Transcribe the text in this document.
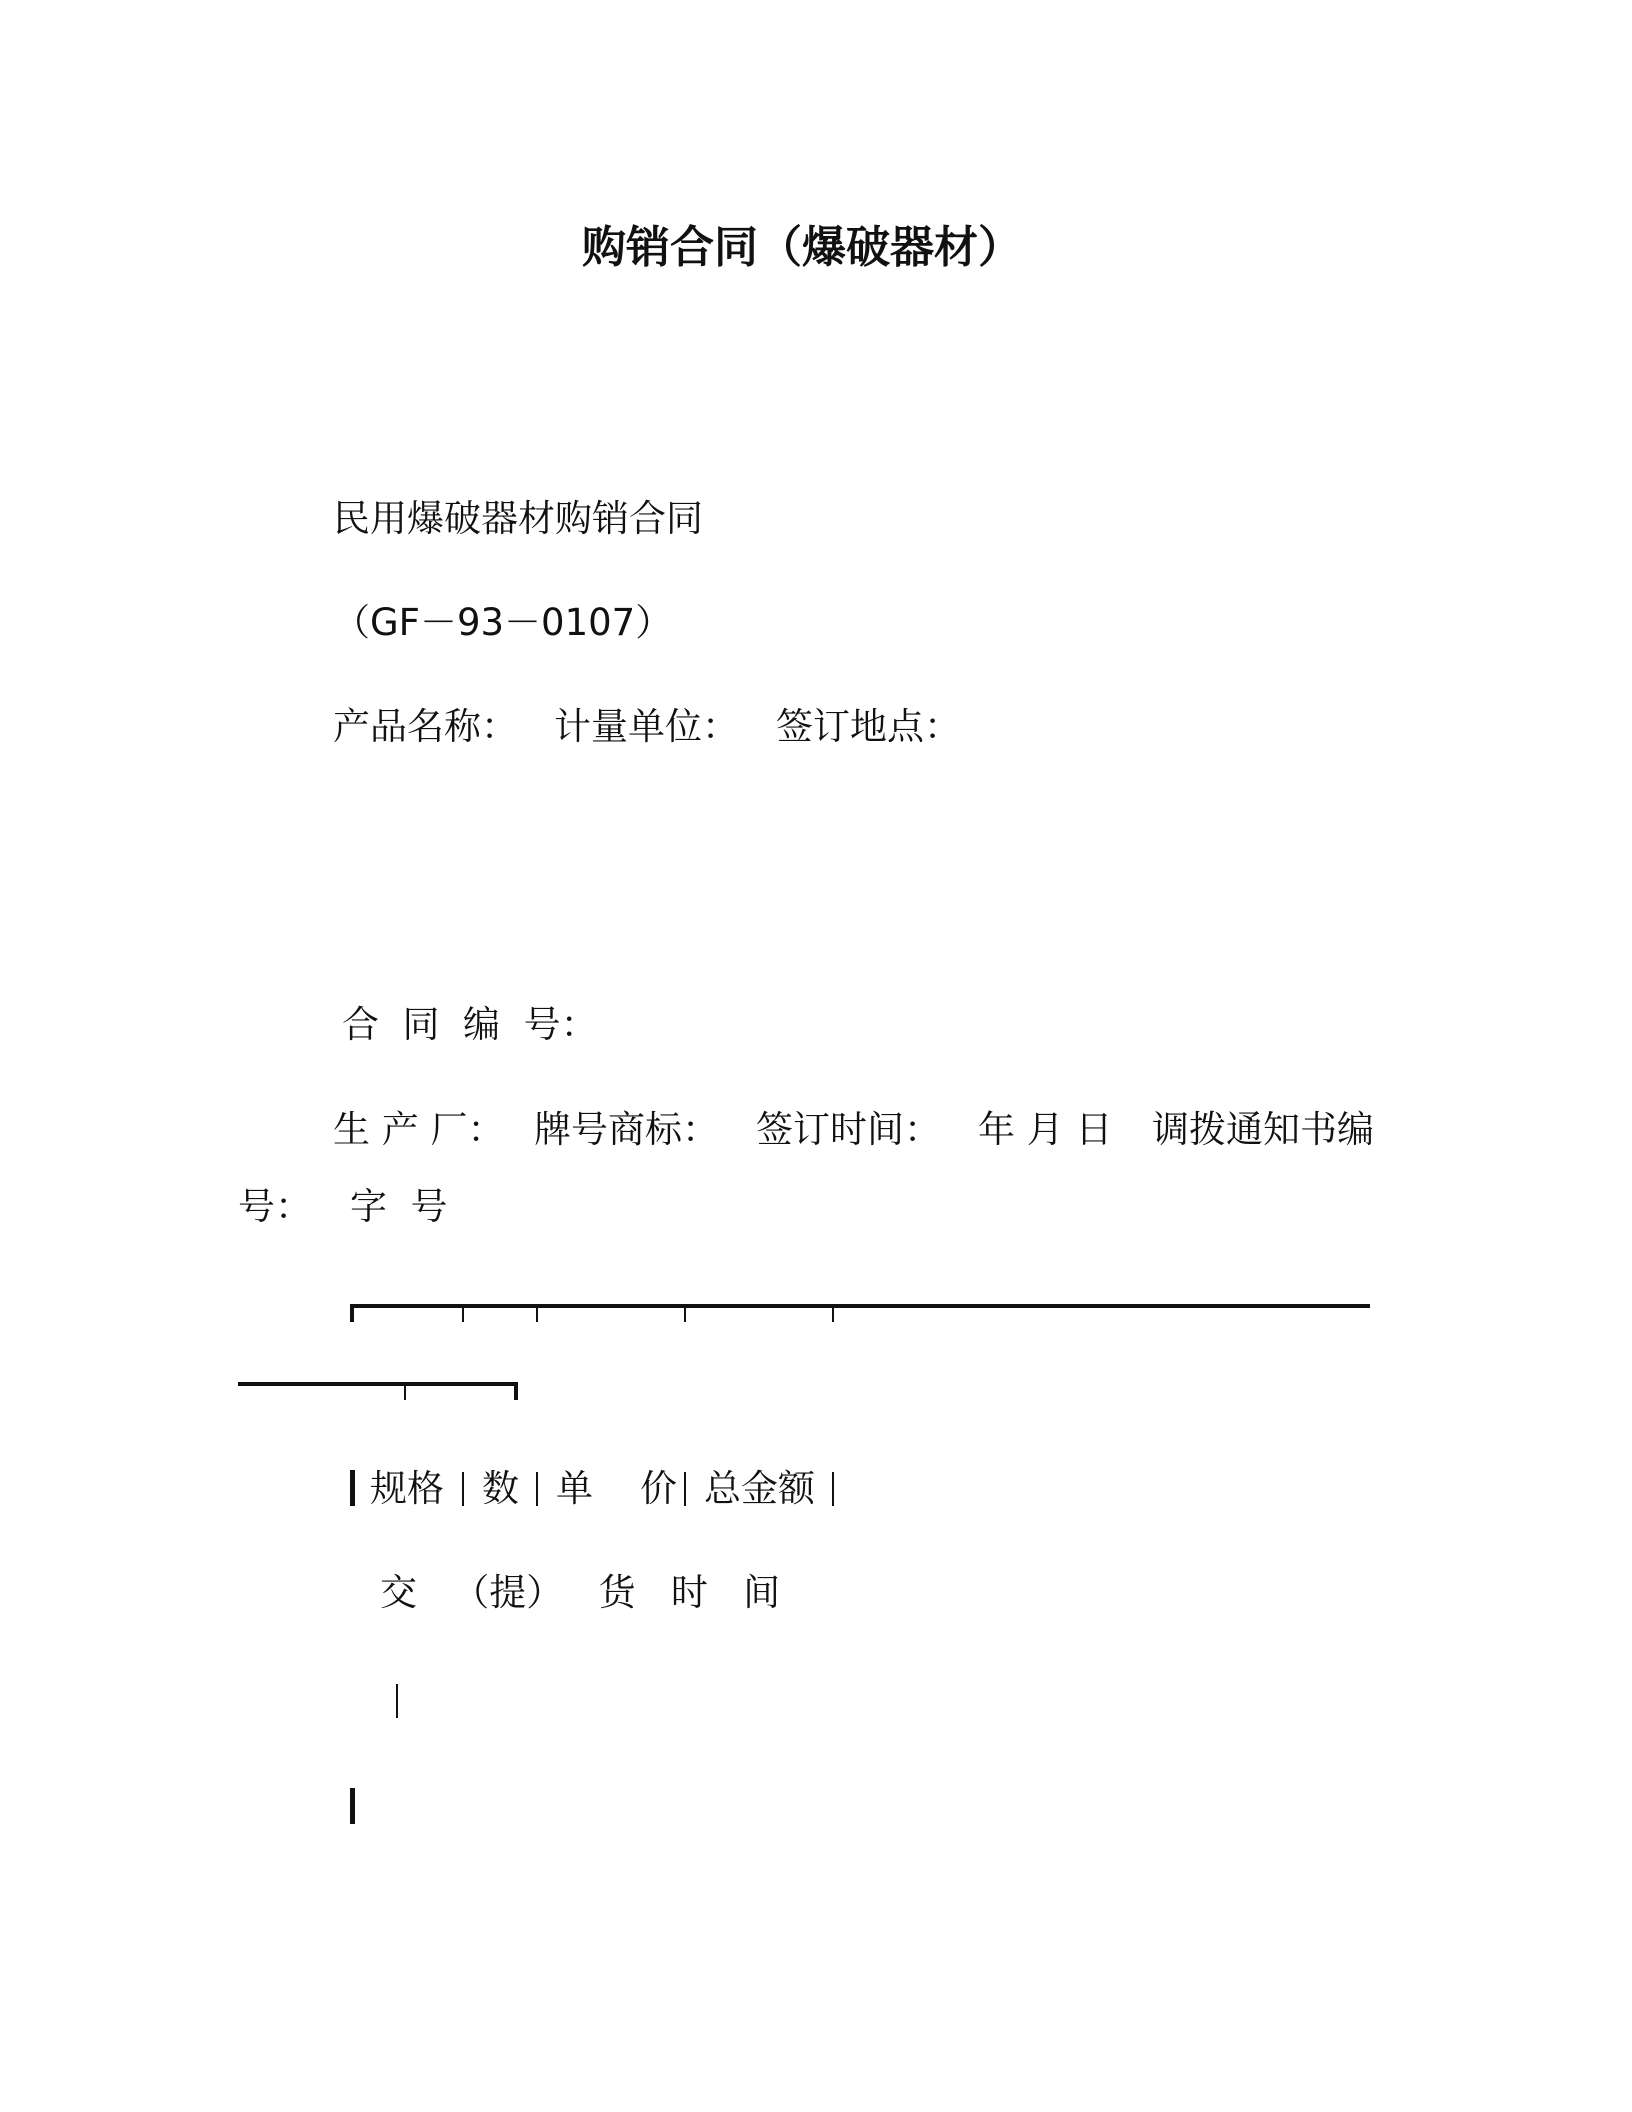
购销合同（爆破器材）
民用爆破器材购销合同
（GF－93－0107）
产品名称： 计量单位： 签订地点：
合  同  编  号：
生 产 厂： 牌号商标： 签订时间： 年 月 日 调拨通知书编
号： 字  号
规格 数 单    价 总金额
交   （提）   货   时   间
